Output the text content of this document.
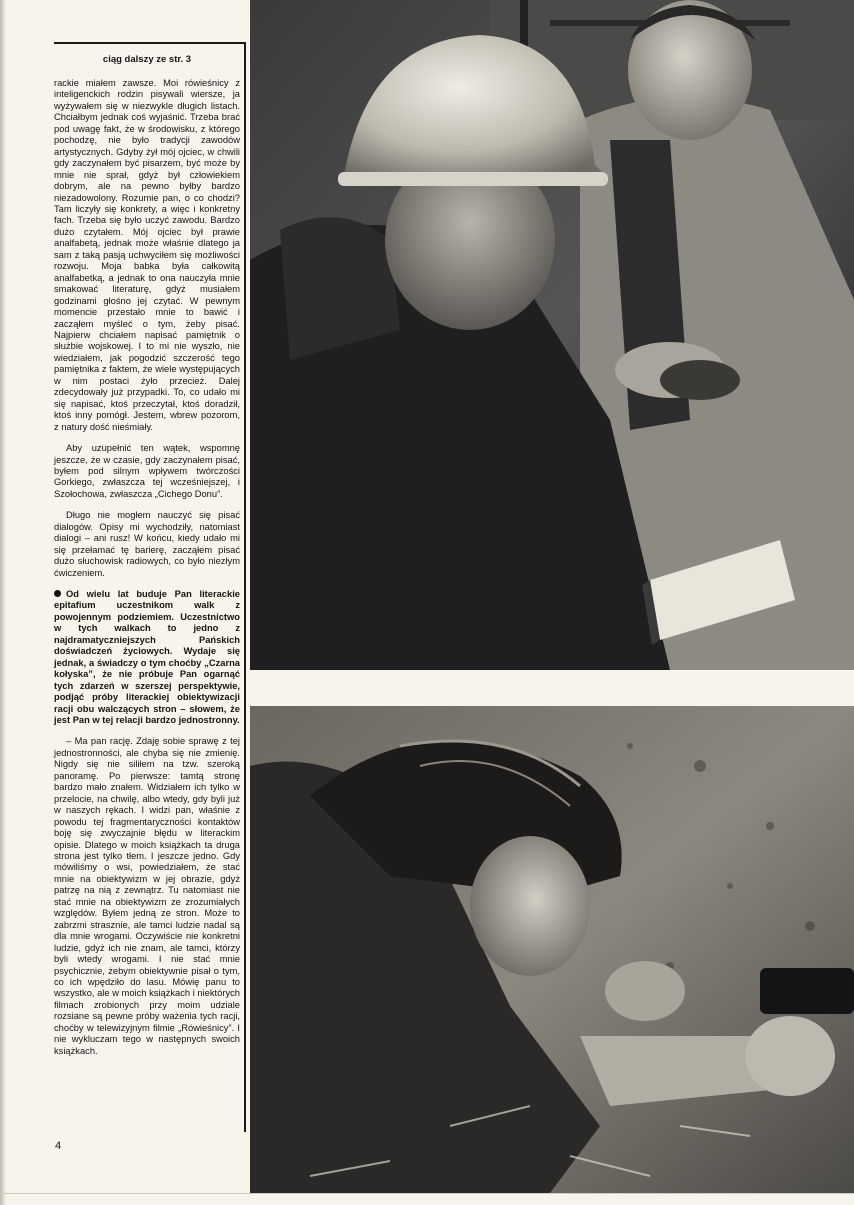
ciąg dalszy ze str. 3

rackie miałem zawsze. Moi rówieśnicy z inteligenckich rodzin pisywali wiersze, ja wyżywałem się w niezwykle długich listach. Chciałbym jednak coś wyjaśnić. Trzeba brać pod uwagę fakt, że w środowisku, z którego pochodzę, nie było tradycji zawodów artystycznych. Gdyby żył mój ojciec, w chwili gdy zaczynałem być pisarzem, być może by mnie nie sprał, gdyż był człowiekiem dobrym, ale na pewno byłby bardzo niezadowolony. Rozumie pan, o co chodzi? Tam liczyły się konkrety, a więc i konkretny fach. Trzeba się było uczyć zawodu. Bardzo dużo czytałem. Mój ojciec był prawie analfabetą, jednak może właśnie dlatego ja sam z taką pasją uchwyciłem się możliwości rozwoju. Moja babka była całkowitą analfabetką, a jednak to ona nauczyła mnie smakować literaturę, gdyż musiałem godzinami głośno jej czytać. W pewnym momencie przestało mnie to bawić i zacząłem myśleć o tym, żeby pisać. Najpierw chciałem napisać pamiętnik o służbie wojskowej. I to mi nie wyszło, nie wiedziałem, jak pogodzić szczerość tego pamiętnika z faktem, że wiele występujących w nim postaci żyło przecież. Dalej zdecydowały już przypadki. To, co udało mi się napisać, ktoś przeczytał, ktoś doradził, ktoś inny pomógł. Jestem, wbrew pozorom, z natury dość nieśmiały.

Aby uzupełnić ten wątek, wspomnę jeszcze, że w czasie, gdy zaczynałem pisać, byłem pod silnym wpływem twórczości Gorkiego, zwłaszcza tej wcześniejszej, i Szołochowa, zwłaszcza „Cichego Donu”.

Długo nie mogłem nauczyć się pisać dialogów. Opisy mi wychodziły, natomiast dialogi – ani rusz! W końcu, kiedy udało mi się przełamać tę barierę, zacząłem pisać dużo słuchowisk radiowych, co było niezłym ćwiczeniem.

Od wielu lat buduje Pan literackie epitafium uczestnikom walk z powojennym podziemiem. Uczestnictwo w tych walkach to jedno z najdramatyczniejszych Pańskich doświadczeń życiowych. Wydaje się jednak, a świadczy o tym choćby „Czarna kołyska”, że nie próbuje Pan ogarnąć tych zdarzeń w szerszej perspektywie, podjąć próby literackiej obiektywizacji racji obu walczących stron – słowem, że jest Pan w tej relacji bardzo jednostronny.

– Ma pan rację. Zdaję sobie sprawę z tej jednostronności, ale chyba się nie zmienię. Nigdy się nie siliłem na tzw. szeroką panoramę. Po pierwsze: tamtą stronę bardzo mało znałem. Widziałem ich tylko w przelocie, na chwilę, albo wtedy, gdy byli już w naszych rękach. I widzi pan, właśnie z powodu tej fragmentaryczności kontaktów boję się zwyczajnie błędu w literackim opisie. Dlatego w moich książkach ta druga strona jest tylko tłem. I jeszcze jedno. Gdy mówiliśmy o wsi, powiedziałem, że stać mnie na obiektywizm w jej obrazie, gdyż patrzę na nią z zewnątrz. Tu natomiast nie stać mnie na obiektywizm ze zrozumiałych względów. Byłem jedną ze stron. Może to zabrzmi strasznie, ale tamci ludzie nadal są dla mnie wrogami. Oczywiście nie konkretni ludzie, gdyż ich nie znam, ale tamci, którzy byli wtedy wrogami. I nie stać mnie psychicznie, żebym obiektywnie pisał o tym, co ich wpędziło do lasu. Mówię panu to wszystko, ale w moich książkach i niektórych filmach zrobionych przy moim udziale rozsiane są pewne próby ważenia tych racji, choćby w telewizyjnym filmie „Rówieśnicy”. I nie wykluczam tego w następnych swoich książkach.

4
